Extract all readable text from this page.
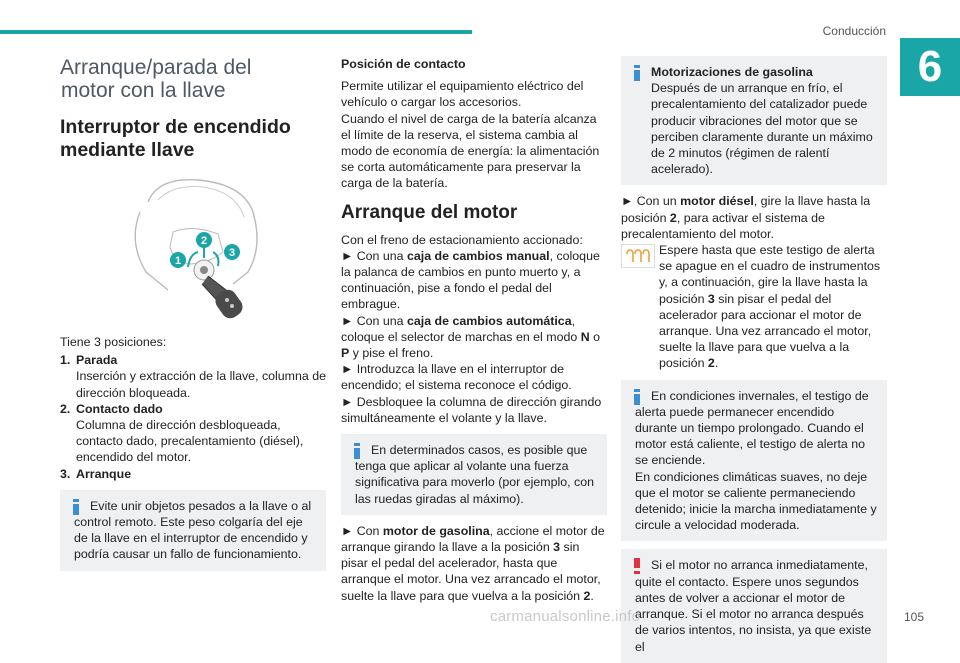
Conducción
6
Arranque/parada del
motor con la llave
Interruptor de encendido
mediante llave
1
2
3

Tiene 3 posiciones:

1. Parada
Inserción y extracción de la llave, columna de dirección bloqueada.
2. Contacto dado
Columna de dirección desbloqueada, contacto dado, precalentamiento (diésel), encendido del motor.
3. Arranque
Evite unir objetos pesados a la llave o al
control remoto. Este peso colgaría del eje de la llave en el interruptor de encendido y podría causar un fallo de funcionamiento.
Posición de contacto

Permite utilizar el equipamiento eléctrico del vehículo o cargar los accesorios.

Cuando el nivel de carga de la batería alcanza el límite de la reserva, el sistema cambia al modo de economía de energía: la alimentación se corta automáticamente para preservar la carga de la batería.

Arranque del motor

Con el freno de estacionamiento accionado:

► Con una caja de cambios manual, coloque la palanca de cambios en punto muerto y, a continuación, pise a fondo el pedal del embrague.

► Con una caja de cambios automática, coloque el selector de marchas en el modo N o P y pise el freno.

► Introduzca la llave en el interruptor de encendido; el sistema reconoce el código.

► Desbloquee la columna de dirección girando simultáneamente el volante y la llave.

En determinados casos, es posible que
tenga que aplicar al volante una fuerza significativa para moverlo (por ejemplo, con las ruedas giradas al máximo).

► Con motor de gasolina, accione el motor de arranque girando la llave a la posición 3 sin pisar el pedal del acelerador, hasta que arranque el motor. Una vez arrancado el motor, suelte la llave para que vuelva a la posición 2.

Motorizaciones de gasolina
Después de un arranque en frío, el precalentamiento del catalizador puede producir vibraciones del motor que se perciben claramente durante un máximo de 2 minutos (régimen de ralentí acelerado).

► Con un motor diésel, gire la llave hasta la posición 2, para activar el sistema de precalentamiento del motor.

Espere hasta que este testigo de alerta se apague en el cuadro de instrumentos y, a continuación, gire la llave hasta la posición 3 sin pisar el pedal del acelerador para accionar el motor de arranque. Una vez arrancado el motor, suelte la llave para que vuelva a la posición 2.

En condiciones invernales, el testigo de
alerta puede permanecer encendido durante un tiempo prolongado. Cuando el motor está caliente, el testigo de alerta no se enciende.
En condiciones climáticas suaves, no deje que el motor se caliente permaneciendo detenido; inicie la marcha inmediatamente y circule a velocidad moderada.
Si el motor no arranca inmediatamente,
quite el contacto. Espere unos segundos antes de volver a accionar el motor de arranque. Si el motor no arranca después de varios intentos, no insista, ya que existe el
carmanualsonline.info	105
